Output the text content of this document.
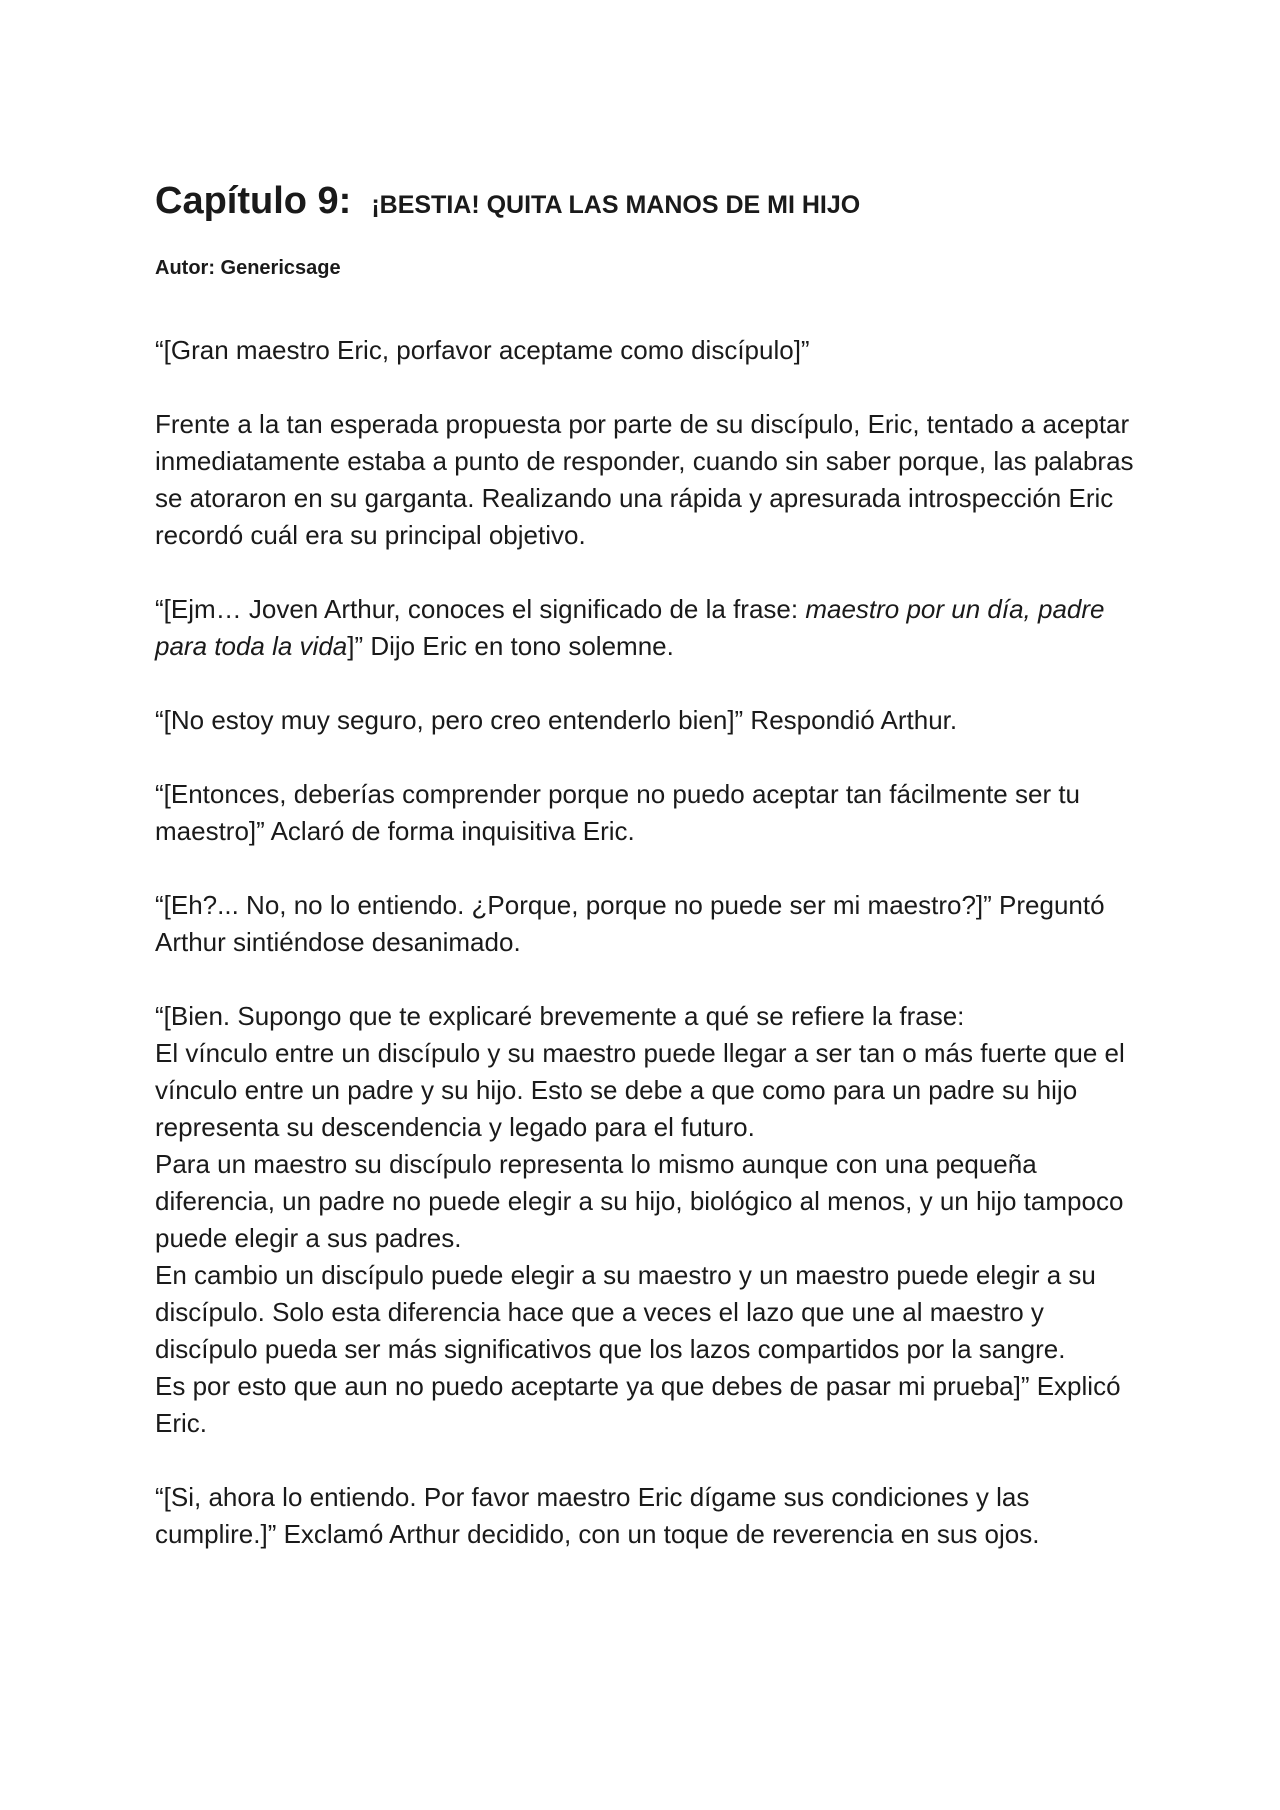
Capítulo 9: ¡BESTIA! QUITA LAS MANOS DE MI HIJO
Autor: Genericsage

“[Gran maestro Eric, porfavor aceptame como discípulo]”

Frente a la tan esperada propuesta por parte de su discípulo, Eric, tentado a aceptar inmediatamente estaba a punto de responder, cuando sin saber porque, las palabras se atoraron en su garganta. Realizando una rápida y apresurada introspección Eric recordó cuál era su principal objetivo.

“[Ejm… Joven Arthur, conoces el significado de la frase: maestro por un día, padre para toda la vida]” Dijo Eric en tono solemne.

“[No estoy muy seguro, pero creo entenderlo bien]” Respondió Arthur.

“[Entonces, deberías comprender porque no puedo aceptar tan fácilmente ser tu maestro]” Aclaró de forma inquisitiva Eric.

“[Eh?... No, no lo entiendo. ¿Porque, porque no puede ser mi maestro?]” Preguntó Arthur sintiéndose desanimado.

“[Bien. Supongo que te explicaré brevemente a qué se refiere la frase:
El vínculo entre un discípulo y su maestro puede llegar a ser tan o más fuerte que el vínculo entre un padre y su hijo. Esto se debe a que como para un padre su hijo representa su descendencia y legado para el futuro.
Para un maestro su discípulo representa lo mismo aunque con una pequeña diferencia, un padre no puede elegir a su hijo, biológico al menos, y un hijo tampoco puede elegir a sus padres.
En cambio un discípulo puede elegir a su maestro y un maestro puede elegir a su discípulo. Solo esta diferencia hace que a veces el lazo que une al maestro y discípulo pueda ser más significativos que los lazos compartidos por la sangre.
Es por esto que aun no puedo aceptarte ya que debes de pasar mi prueba]” Explicó Eric.

“[Si, ahora lo entiendo. Por favor maestro Eric dígame sus condiciones y las cumplire.]” Exclamó Arthur decidido, con un toque de reverencia en sus ojos.
